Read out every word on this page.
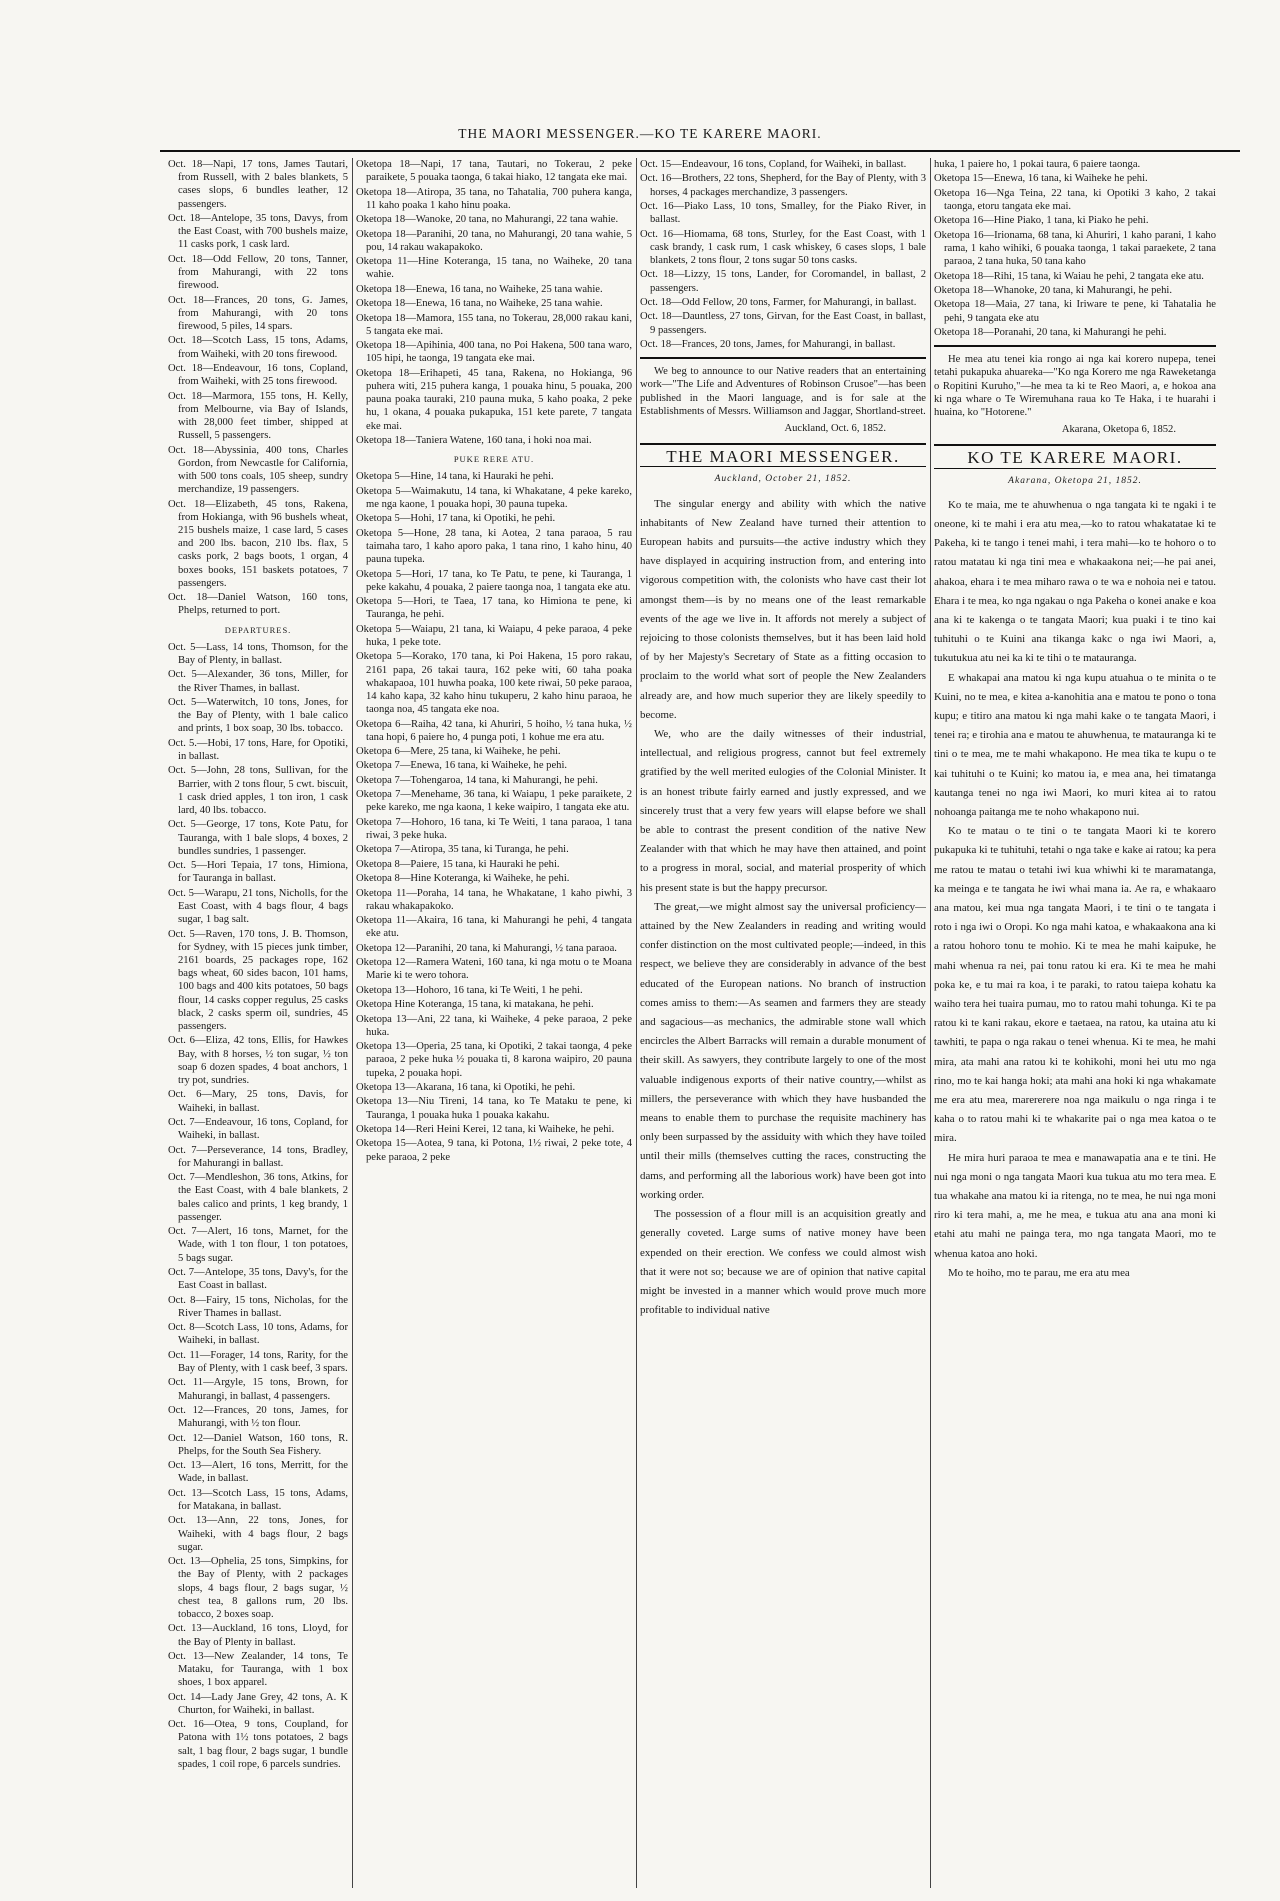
THE MAORI MESSENGER.—KO TE KARERE MAORI.

Oct. 18—Napi, 17 tons, James Tautari, from Russell, with 2 bales blankets, 5 cases slops, 6 bundles leather, 12 passengers.

Oct. 18—Antelope, 35 tons, Davys, from the East Coast, with 700 bushels maize, 11 casks pork, 1 cask lard.

Oct. 18—Odd Fellow, 20 tons, Tanner, from Mahurangi, with 22 tons firewood.

Oct. 18—Frances, 20 tons, G. James, from Mahurangi, with 20 tons firewood, 5 piles, 14 spars.

Oct. 18—Scotch Lass, 15 tons, Adams, from Waiheki, with 20 tons firewood.

Oct. 18—Endeavour, 16 tons, Copland, from Waiheki, with 25 tons firewood.

Oct. 18—Marmora, 155 tons, H. Kelly, from Melbourne, via Bay of Islands, with 28,000 feet timber, shipped at Russell, 5 passengers.

Oct. 18—Abyssinia, 400 tons, Charles Gordon, from Newcastle for California, with 500 tons coals, 105 sheep, sundry merchandize, 19 passengers.

Oct. 18—Elizabeth, 45 tons, Rakena, from Hokianga, with 96 bushels wheat, 215 bushels maize, 1 case lard, 5 cases and 200 lbs. bacon, 210 lbs. flax, 5 casks pork, 2 bags boots, 1 organ, 4 boxes books, 151 baskets potatoes, 7 passengers.

Oct. 18—Daniel Watson, 160 tons, Phelps, returned to port.

DEPARTURES.

Oct. 5—Lass, 14 tons, Thomson, for the Bay of Plenty, in ballast.

Oct. 5—Alexander, 36 tons, Miller, for the River Thames, in ballast.

Oct. 5—Waterwitch, 10 tons, Jones, for the Bay of Plenty, with 1 bale calico and prints, 1 box soap, 30 lbs. tobacco.

Oct. 5.—Hobi, 17 tons, Hare, for Opotiki, in ballast.

Oct. 5—John, 28 tons, Sullivan, for the Barrier, with 2 tons flour, 5 cwt. biscuit, 1 cask dried apples, 1 ton iron, 1 cask lard, 40 lbs. tobacco.

Oct. 5—George, 17 tons, Kote Patu, for Tauranga, with 1 bale slops, 4 boxes, 2 bundles sundries, 1 passenger.

Oct. 5—Hori Tepaia, 17 tons, Himiona, for Tauranga in ballast.

Oct. 5—Warapu, 21 tons, Nicholls, for the East Coast, with 4 bags flour, 4 bags sugar, 1 bag salt.

Oct. 5—Raven, 170 tons, J. B. Thomson, for Sydney, with 15 pieces junk timber, 2161 boards, 25 packages rope, 162 bags wheat, 60 sides bacon, 101 hams, 100 bags and 400 kits potatoes, 50 bags flour, 14 casks copper regulus, 25 casks black, 2 casks sperm oil, sundries, 45 passengers.

Oct. 6—Eliza, 42 tons, Ellis, for Hawkes Bay, with 8 horses, ½ ton sugar, ½ ton soap 6 dozen spades, 4 boat anchors, 1 try pot, sundries.

Oct. 6—Mary, 25 tons, Davis, for Waiheki, in ballast.

Oct. 7—Endeavour, 16 tons, Copland, for Waiheki, in ballast.

Oct. 7—Perseverance, 14 tons, Bradley, for Mahurangi in ballast.

Oct. 7—Mendleshon, 36 tons, Atkins, for the East Coast, with 4 bale blankets, 2 bales calico and prints, 1 keg brandy, 1 passenger.

Oct. 7—Alert, 16 tons, Marnet, for the Wade, with 1 ton flour, 1 ton potatoes, 5 bags sugar.

Oct. 7—Antelope, 35 tons, Davy's, for the East Coast in ballast.

Oct. 8—Fairy, 15 tons, Nicholas, for the River Thames in ballast.

Oct. 8—Scotch Lass, 10 tons, Adams, for Waiheki, in ballast.

Oct. 11—Forager, 14 tons, Rarity, for the Bay of Plenty, with 1 cask beef, 3 spars.

Oct. 11—Argyle, 15 tons, Brown, for Mahurangi, in ballast, 4 passengers.

Oct. 12—Frances, 20 tons, James, for Mahurangi, with ½ ton flour.

Oct. 12—Daniel Watson, 160 tons, R. Phelps, for the South Sea Fishery.

Oct. 13—Alert, 16 tons, Merritt, for the Wade, in ballast.

Oct. 13—Scotch Lass, 15 tons, Adams, for Matakana, in ballast.

Oct. 13—Ann, 22 tons, Jones, for Waiheki, with 4 bags flour, 2 bags sugar.

Oct. 13—Ophelia, 25 tons, Simpkins, for the Bay of Plenty, with 2 packages slops, 4 bags flour, 2 bags sugar, ½ chest tea, 8 gallons rum, 20 lbs. tobacco, 2 boxes soap.

Oct. 13—Auckland, 16 tons, Lloyd, for the Bay of Plenty in ballast.

Oct. 13—New Zealander, 14 tons, Te Mataku, for Tauranga, with 1 box shoes, 1 box apparel.

Oct. 14—Lady Jane Grey, 42 tons, A. K Churton, for Waiheki, in ballast.

Oct. 16—Otea, 9 tons, Coupland, for Patona with 1½ tons potatoes, 2 bags salt, 1 bag flour, 2 bags sugar, 1 bundle spades, 1 coil rope, 6 parcels sundries.

Oketopa 18—Napi, 17 tana, Tautari, no Tokerau, 2 peke paraikete, 5 pouaka taonga, 6 takai hiako, 12 tangata eke mai.

Oketopa 18—Atiropa, 35 tana, no Tahatalia, 700 puhera kanga, 11 kaho poaka 1 kaho hinu poaka.

Oketopa 18—Wanoke, 20 tana, no Mahurangi, 22 tana wahie.

Oketopa 18—Paranihi, 20 tana, no Mahurangi, 20 tana wahie, 5 pou, 14 rakau wakapakoko.

Oketopa 11—Hine Koteranga, 15 tana, no Waiheke, 20 tana wahie.

Oketopa 18—Enewa, 16 tana, no Waiheke, 25 tana wahie.

Oketopa 18—Enewa, 16 tana, no Waiheke, 25 tana wahie.

Oketopa 18—Mamora, 155 tana, no Tokerau, 28,000 rakau kani, 5 tangata eke mai.

Oketopa 18—Apihinia, 400 tana, no Poi Hakena, 500 tana waro, 105 hipi, he taonga, 19 tangata eke mai.

Oketopa 18—Erihapeti, 45 tana, Rakena, no Hokianga, 96 puhera witi, 215 puhera kanga, 1 pouaka hinu, 5 pouaka, 200 pauna poaka tauraki, 210 pauna muka, 5 kaho poaka, 2 peke hu, 1 okana, 4 pouaka pukapuka, 151 kete parete, 7 tangata eke mai.

Oketopa 18—Taniera Watene, 160 tana, i hoki noa mai.

PUKE RERE ATU.

Oketopa 5—Hine, 14 tana, ki Hauraki he pehi.

Oketopa 5—Waimakutu, 14 tana, ki Whakatane, 4 peke kareko, me nga kaone, 1 pouaka hopi, 30 pauna tupeka.

Oketopa 5—Hohi, 17 tana, ki Opotiki, he pehi.

Oketopa 5—Hone, 28 tana, ki Aotea, 2 tana paraoa, 5 rau taimaha taro, 1 kaho aporo paka, 1 tana rino, 1 kaho hinu, 40 pauna tupeka.

Oketopa 5—Hori, 17 tana, ko Te Patu, te pene, ki Tauranga, 1 peke kakahu, 4 pouaka, 2 paiere taonga noa, 1 tangata eke atu.

Oketopa 5—Hori, te Taea, 17 tana, ko Himiona te pene, ki Tauranga, he pehi.

Oketopa 5—Waiapu, 21 tana, ki Waiapu, 4 peke paraoa, 4 peke huka, 1 peke tote.

Oketopa 5—Korako, 170 tana, ki Poi Hakena, 15 poro rakau, 2161 papa, 26 takai taura, 162 peke witi, 60 taha poaka whakapaoa, 101 huwha poaka, 100 kete riwai, 50 peke paraoa, 14 kaho kapa, 32 kaho hinu tukuperu, 2 kaho hinu paraoa, he taonga noa, 45 tangata eke noa.

Oketopa 6—Raiha, 42 tana, ki Ahuriri, 5 hoiho, ½ tana huka, ½ tana hopi, 6 paiere ho, 4 punga poti, 1 kohue me era atu.

Oketopa 6—Mere, 25 tana, ki Waiheke, he pehi.

Oketopa 7—Enewa, 16 tana, ki Waiheke, he pehi.

Oketopa 7—Tohengaroa, 14 tana, ki Mahurangi, he pehi.

Oketopa 7—Menehame, 36 tana, ki Waiapu, 1 peke paraikete, 2 peke kareko, me nga kaona, 1 keke waipiro, 1 tangata eke atu.

Oketopa 7—Hohoro, 16 tana, ki Te Weiti, 1 tana paraoa, 1 tana riwai, 3 peke huka.

Oketopa 7—Atiropa, 35 tana, ki Turanga, he pehi.

Oketopa 8—Paiere, 15 tana, ki Hauraki he pehi.

Oketopa 8—Hine Koteranga, ki Waiheke, he pehi.

Oketopa 11—Poraha, 14 tana, he Whakatane, 1 kaho piwhi, 3 rakau whakapakoko.

Oketopa 11—Akaira, 16 tana, ki Mahurangi he pehi, 4 tangata eke atu.

Oketopa 12—Paranihi, 20 tana, ki Mahurangi, ½ tana paraoa.

Oketopa 12—Ramera Wateni, 160 tana, ki nga motu o te Moana Marie ki te wero tohora.

Oketopa 13—Hohoro, 16 tana, ki Te Weiti, 1 he pehi.

Oketopa Hine Koteranga, 15 tana, ki matakana, he pehi.

Oketopa 13—Ani, 22 tana, ki Waiheke, 4 peke paraoa, 2 peke huka.

Oketopa 13—Operia, 25 tana, ki Opotiki, 2 takai taonga, 4 peke paraoa, 2 peke huka ½ pouaka ti, 8 karona waipiro, 20 pauna tupeka, 2 pouaka hopi.

Oketopa 13—Akarana, 16 tana, ki Opotiki, he pehi.

Oketopa 13—Niu Tireni, 14 tana, ko Te Mataku te pene, ki Tauranga, 1 pouaka huka 1 pouaka kakahu.

Oketopa 14—Reri Heini Kerei, 12 tana, ki Waiheke, he pehi.

Oketopa 15—Aotea, 9 tana, ki Potona, 1½ riwai, 2 peke tote, 4 peke paraoa, 2 peke

Oct. 15—Endeavour, 16 tons, Copland, for Waiheki, in ballast.

Oct. 16—Brothers, 22 tons, Shepherd, for the Bay of Plenty, with 3 horses, 4 packages merchandize, 3 passengers.

Oct. 16—Piako Lass, 10 tons, Smalley, for the Piako River, in ballast.

Oct. 16—Hiomama, 68 tons, Sturley, for the East Coast, with 1 cask brandy, 1 cask rum, 1 cask whiskey, 6 cases slops, 1 bale blankets, 2 tons flour, 2 tons sugar 50 tons casks.

Oct. 18—Lizzy, 15 tons, Lander, for Coromandel, in ballast, 2 passengers.

Oct. 18—Odd Fellow, 20 tons, Farmer, for Mahurangi, in ballast.

Oct. 18—Dauntless, 27 tons, Girvan, for the East Coast, in ballast, 9 passengers.

Oct. 18—Frances, 20 tons, James, for Mahurangi, in ballast.

We beg to announce to our Native readers that an entertaining work—"The Life and Adventures of Robinson Crusoe"—has been published in the Maori language, and is for sale at the Establishments of Messrs. Williamson and Jaggar, Shortland-street.

Auckland, Oct. 6, 1852.
THE MAORI MESSENGER.
Auckland, October 21, 1852.

The singular energy and ability with which the native inhabitants of New Zealand have turned their attention to European habits and pursuits—the active industry which they have displayed in acquiring instruction from, and entering into vigorous competition with, the colonists who have cast their lot amongst them—is by no means one of the least remarkable events of the age we live in. It affords not merely a subject of rejoicing to those colonists themselves, but it has been laid hold of by her Majesty's Secretary of State as a fitting occasion to proclaim to the world what sort of people the New Zealanders already are, and how much superior they are likely speedily to become.

We, who are the daily witnesses of their industrial, intellectual, and religious progress, cannot but feel extremely gratified by the well merited eulogies of the Colonial Minister. It is an honest tribute fairly earned and justly expressed, and we sincerely trust that a very few years will elapse before we shall be able to contrast the present condition of the native New Zealander with that which he may have then attained, and point to a progress in moral, social, and material prosperity of which his present state is but the happy precursor.

The great,—we might almost say the universal proficiency—attained by the New Zealanders in reading and writing would confer distinction on the most cultivated people;—indeed, in this respect, we believe they are considerably in advance of the best educated of the European nations. No branch of instruction comes amiss to them:—As seamen and farmers they are steady and sagacious—as mechanics, the admirable stone wall which encircles the Albert Barracks will remain a durable monument of their skill. As sawyers, they contribute largely to one of the most valuable indigenous exports of their native country,—whilst as millers, the perseverance with which they have husbanded the means to enable them to purchase the requisite machinery has only been surpassed by the assiduity with which they have toiled until their mills (themselves cutting the races, constructing the dams, and performing all the laborious work) have been got into working order.

The possession of a flour mill is an acquisition greatly and generally coveted. Large sums of native money have been expended on their erection. We confess we could almost wish that it were not so; because we are of opinion that native capital might be invested in a manner which would prove much more profitable to individual native

huka, 1 paiere ho, 1 pokai taura, 6 paiere taonga.

Oketopa 15—Enewa, 16 tana, ki Waiheke he pehi.

Oketopa 16—Nga Teina, 22 tana, ki Opotiki 3 kaho, 2 takai taonga, etoru tangata eke mai.

Oketopa 16—Hine Piako, 1 tana, ki Piako he pehi.

Oketopa 16—Irionama, 68 tana, ki Ahuriri, 1 kaho parani, 1 kaho rama, 1 kaho wihiki, 6 pouaka taonga, 1 takai paraekete, 2 tana paraoa, 2 tana huka, 50 tana kaho

Oketopa 18—Rihi, 15 tana, ki Waiau he pehi, 2 tangata eke atu.

Oketopa 18—Whanoke, 20 tana, ki Mahurangi, he pehi.

Oketopa 18—Maia, 27 tana, ki Iriware te pene, ki Tahatalia he pehi, 9 tangata eke atu

Oketopa 18—Poranahi, 20 tana, ki Mahurangi he pehi.

He mea atu tenei kia rongo ai nga kai korero nupepa, tenei tetahi pukapuka ahuarekа—"Ko nga Korero me nga Raweketanga o Ropitini Kuruho,"—he mea ta ki te Reo Maori, a, e hokoa ana ki nga whare o Te Wiremuhana raua ko Te Haka, i te huarahi i huaina, ko "Hotorene."

Akarana, Oketopa 6, 1852.
KO TE KARERE MAORI.
Akarana, Oketopa 21, 1852.

Ko te maia, me te ahuwhenua o nga tangata ki te ngaki i te oneone, ki te mahi i era atu mea,—ko to ratou whakatatae ki te Pakeha, ki te tango i tenei mahi, i tera mahi—ko te hohoro o to ratou matatau ki nga tini mea e whakaakona nei;—he pai anei, ahakoa, ehara i te mea miharo rawa o te wa e nohoia nei e tatou. Ehara i te mea, ko nga ngakau o nga Pakeha o konei anake e koa ana ki te kakenga o te tangata Maori; kua puaki i te tino kai tuhituhi o te Kuini ana tikanga kakc o nga iwi Maori, a, tukutukua atu nei ka ki te tihi o te matauranga.

E whakapai ana matou ki nga kupu atuahua o te minita o te Kuini, no te mea, e kitea a-kanohitia ana e matou te pono o tona kupu; e titiro ana matou ki nga mahi kake o te tangata Maori, i tenei ra; e tirohia ana e matou te ahuwhenua, te matauranga ki te tini o te mea, me te mahi whakapono. He mea tika te kupu o te kai tuhituhi o te Kuini; ko matou ia, e mea ana, hei timatanga kautanga tenei no nga iwi Maori, ko muri kitea ai to ratou nohoanga paitanga me te noho whakapono nui.

Ko te matau o te tini o te tangata Maori ki te korero pukapuka ki te tuhituhi, tetahi o nga take e kake ai ratou; ka pera me ratou te matau o tetahi iwi kua whiwhi ki te maramatanga, ka meinga e te tangata he iwi whai mana ia. Ae ra, e whakaaro ana matou, kei mua nga tangata Maori, i te tini o te tangata i roto i nga iwi o Oropi. Ko nga mahi katoa, e whakaakona ana ki a ratou hohoro tonu te mohio. Ki te mea he mahi kaipuke, he mahi whenua ra nei, pai tonu ratou ki era. Ki te mea he mahi poka ke, e tu mai ra koa, i te paraki, to ratou taiepa kohatu ka waiho tera hei tuaira pumau, mo to ratou mahi tohunga. Ki te pa ratou ki te kani rakau, ekore e taetaea, na ratou, ka utaina atu ki tawhiti, te papa o nga rakau o tenei whenua. Ki te mea, he mahi mira, ata mahi ana ratou ki te kohikohi, moni hei utu mo nga rino, mo te kai hanga hoki; ata mahi ana hoki ki nga whakamate me era atu mea, marererere noa nga maikulu o nga ringa i te kaha o to ratou mahi ki te whakarite pai o nga mea katoa o te mira.

He mira huri paraoa te mea e manawapatia ana e te tini. He nui nga moni o nga tangata Maori kua tukua atu mo tera mea. E tua whakahe ana matou ki ia ritenga, no te mea, he nui nga moni riro ki tera mahi, a, me he mea, e tukua atu ana ana moni ki etahi atu mahi ne painga tera, mo nga tangata Maori, mo te whenua katoa ano hoki.

Mo te hoiho, mo te parau, me era atu mea
